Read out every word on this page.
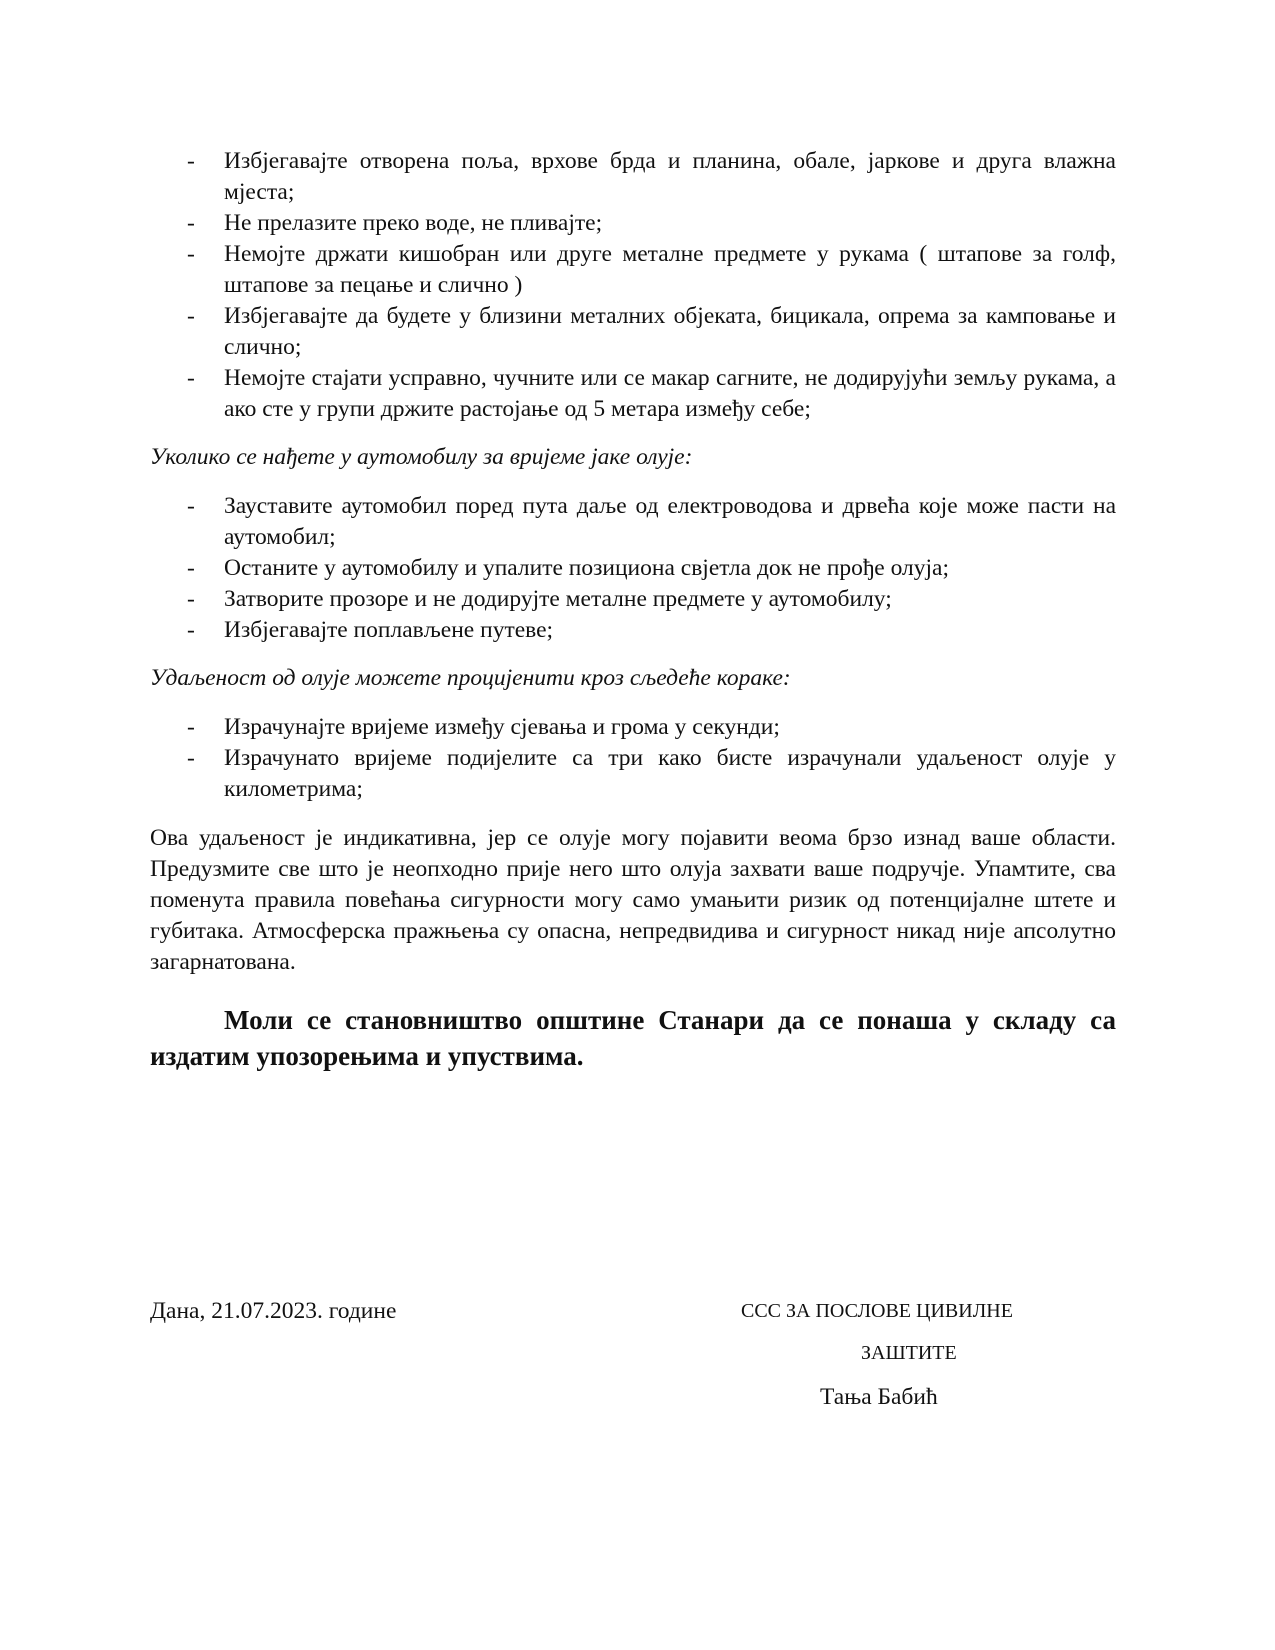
- Избјегавајте отворена поља, врхове брда и планина, обале, јаркове и друга влажна мјеста;
- Не прелазите преко воде, не пливајте;
- Немојте држати кишобран или друге металне предмете у рукама ( штапове за голф, штапове за пецање и слично )
- Избјегавајте да будете у близини металних објеката, бицикала, опрема за камповање и слично;
- Немојте стајати усправно, чучните или се макар сагните, не додирујући земљу рукама, а ако сте у групи држите растојање од 5 метара између себе;
Уколико се нађете у аутомобилу за вријеме јаке олује:
- Зауставите аутомобил поред пута даље од електроводова и дрвећа које може пасти на аутомобил;
- Останите у аутомобилу и упалите позициона свјетла док не прође олуја;
- Затворите прозоре и не додирујте металне предмете у аутомобилу;
- Избјегавајте поплављене путеве;
Удаљеност од олује можете процијенити кроз сљедеће кораке:
- Израчунајте вријеме између сјевања и грома у секунди;
- Израчунато вријеме подијелите са три како бисте израчунали удаљеност олује у километрима;

Ова удаљеност је индикативна, јер се олује могу појавити веома брзо изнад ваше области. Предузмите све што је неопходно прије него што олуја захвати ваше подручје. Упамтите, сва поменута правила повећања сигурности могу само умањити ризик од потенцијалне штете и губитака. Атмосферска пражњења су опасна, непредвидива и сигурност никад није апсолутно загарнатована.

Моли се становништво општине Станари да се понаша у складу са издатим упозорењима и упуствима.

Дана, 21.07.2023. године	ССС ЗА ПОСЛОВЕ ЦИВИЛНЕ
ЗАШТИТЕ
Тања Бабић
